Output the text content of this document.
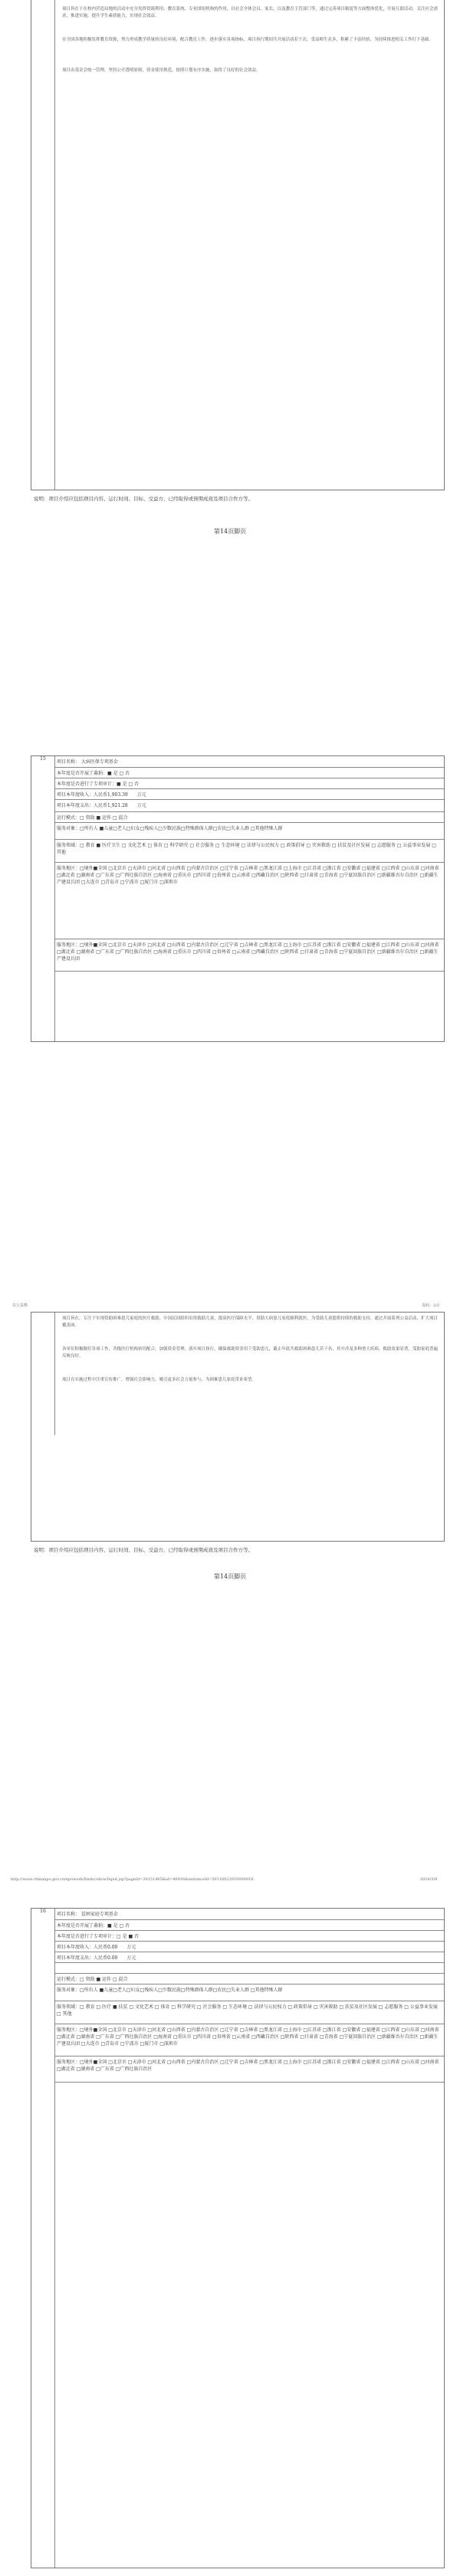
项目旨在于在校内营造局地的活动中充分发挥资源利用、教育系统、专业团组机构的作用，以社会全体会员、家长，以及教育主管部门等，通过完善项目制度等方面整体优化，开展互助活动，关注社会需求，推进实施，提升学生素质能力，实现社会效益。
在全国各地积极发挥教育资源，努力形成教学质量的良好环境，配合教育工作，逐步落实各项指标，项目执行期间共开展活动若干次，受益师生众多，积累了丰富经验，为持续推进相关工作打下基础。
项目由基金会统一管理，坚持公开透明原则，资金使用规范，按照计划有序实施，取得了良好的社会效益。
说明：项目介绍应包括项目内容、运行时间、目标、受益方、已经取得或预期成效及项目合作方等。
第14页脚页
15
项目名称： 大病医保专项基金
本年度是否开展了募捐：■ 是 □ 否
本年度是否进行了专项审计：■ 是 □ 否
项目本年度收入：人民币1,903.39　　万元
项目本年度支出：人民币1,921.28　　万元
运行模式：□ 资助 ■ 运作 □ 混合
服务对象：□所有人 ■儿童□老人□妇女□残疾人□少数民族□特殊群体人群□农民□失业人群 □其他特殊人群
服务领域：□ 教育 ■ 医疗卫生 □ 文化艺术 □ 体育 □ 科学研究 □ 社会服务 □ 生态环境 □ 法律与公民权力 □ 政策倡导 □ 灾害救助 □ 扶贫及社区发展 □ 志愿服务 □ 公益事业发展 □ 其他
服务地区：□境外■全国 □北京市 □天津市 □河北省 □山西省 □内蒙古自治区 □辽宁省 □吉林省 □黑龙江省 □上海市 □江苏省 □浙江省 □安徽省 □福建省 □江西省 □山东省 □河南省 □湖北省 □湖南省 □广东省 □广西壮族自治区 □海南省 □重庆市 □四川省 □贵州省 □云南省 □西藏自治区 □陕西省 □甘肃省 □青海省 □宁夏回族自治区 □新疆维吾尔自治区 □新疆生产建设兵团 □大连市 □青岛市 □宁波市 □厦门市 □深圳市
服务地区：□境外■全国 □北京市 □天津市 □河北省 □山西省 □内蒙古自治区 □辽宁省 □吉林省 □黑龙江省 □上海市 □江苏省 □浙江省 □安徽省 □福建省 □江西省 □山东省 □河南省 □湖北省 □湖南省 □广东省 □广西壮族自治区 □海南省 □重庆市 □四川省 □贵州省 □云南省 □西藏自治区 □陕西省 □甘肃省 □青海省 □宁夏回族自治区 □新疆维吾尔自治区 □新疆生产建设兵团
以公益格	页码：2/2
项目旨在，专注于实现资助困难患儿家庭的医疗救助，中国民间组织出资救助儿童，提高医疗保障水平，资助大病患儿家庭顺利就医，为受助儿童提供持续的救助支持，通过开展系列公益活动，扩大项目覆盖面。
各单位积极做好各项工作，各级医疗机构密切配合，加强资金管理，落实项目执行，确保救助资金用于受助患儿，截止年底共救助困难患儿若干名，其中涉及多种重大疾病，救助效果显著，受助家庭普遍反映良好。
项目在实施过程中注重宣传推广，增强社会影响力，吸引更多社会力量参与，为困难患儿家庭带来希望。
说明：项目介绍应包括项目内容、运行时间、目标、受益方、已经取得或预期成效及项目合作方等。
第14页脚页
http://www.chinanpo.gov.cn/npowork/llwmc/showInput.jsp?pageId=20151465&id=40916&instanceId=50116022910000016.	2016/3/9
16
项目名称： 贫困家庭专项基金
本年度是否开展了募捐：■ 是 □ 否
本年度是否进行了专项审计：□ 是 ■ 否
项目本年度收入：人民币0.00　　万元
项目本年度支出：人民币0.00　　万元
运行模式：□ 资助 ■ 运作 □ 混合
服务对象：□所有人 ■儿童□老人□妇女□残疾人□少数民族□特殊群体人群□农民□失业人群 □其他特殊人群
服务领域：□ 教育 □ 医疗 ■ 扶贫 □ 文化艺术 □ 体育 □ 科学研究 □ 社会服务 □ 生态环境 □ 法律与公民权力 □ 政策倡导 □ 灾害救助 □ 扶贫及社区发展 □ 志愿服务 □ 公益事业发展 □ 其他
服务地区：□境外■全国 □北京市 □天津市 □河北省 □山西省 □内蒙古自治区 □辽宁省 □吉林省 □黑龙江省 □上海市 □江苏省 □浙江省 □安徽省 □福建省 □江西省 □山东省 □河南省 □湖北省 □湖南省 □广东省 □广西壮族自治区 □海南省 □重庆市 □四川省 □贵州省 □云南省 □西藏自治区 □陕西省 □甘肃省 □青海省 □宁夏回族自治区 □新疆维吾尔自治区 □新疆生产建设兵团 □大连市 □青岛市 □宁波市 □厦门市 □深圳市
服务地区：□境外■全国 □北京市 □天津市 □河北省 □山西省 □内蒙古自治区 □辽宁省 □吉林省 □黑龙江省 □上海市 □江苏省 □浙江省 □安徽省 □福建省 □江西省 □山东省 □河南省 □湖北省 □湖南省 □广东省 □广西壮族自治区
